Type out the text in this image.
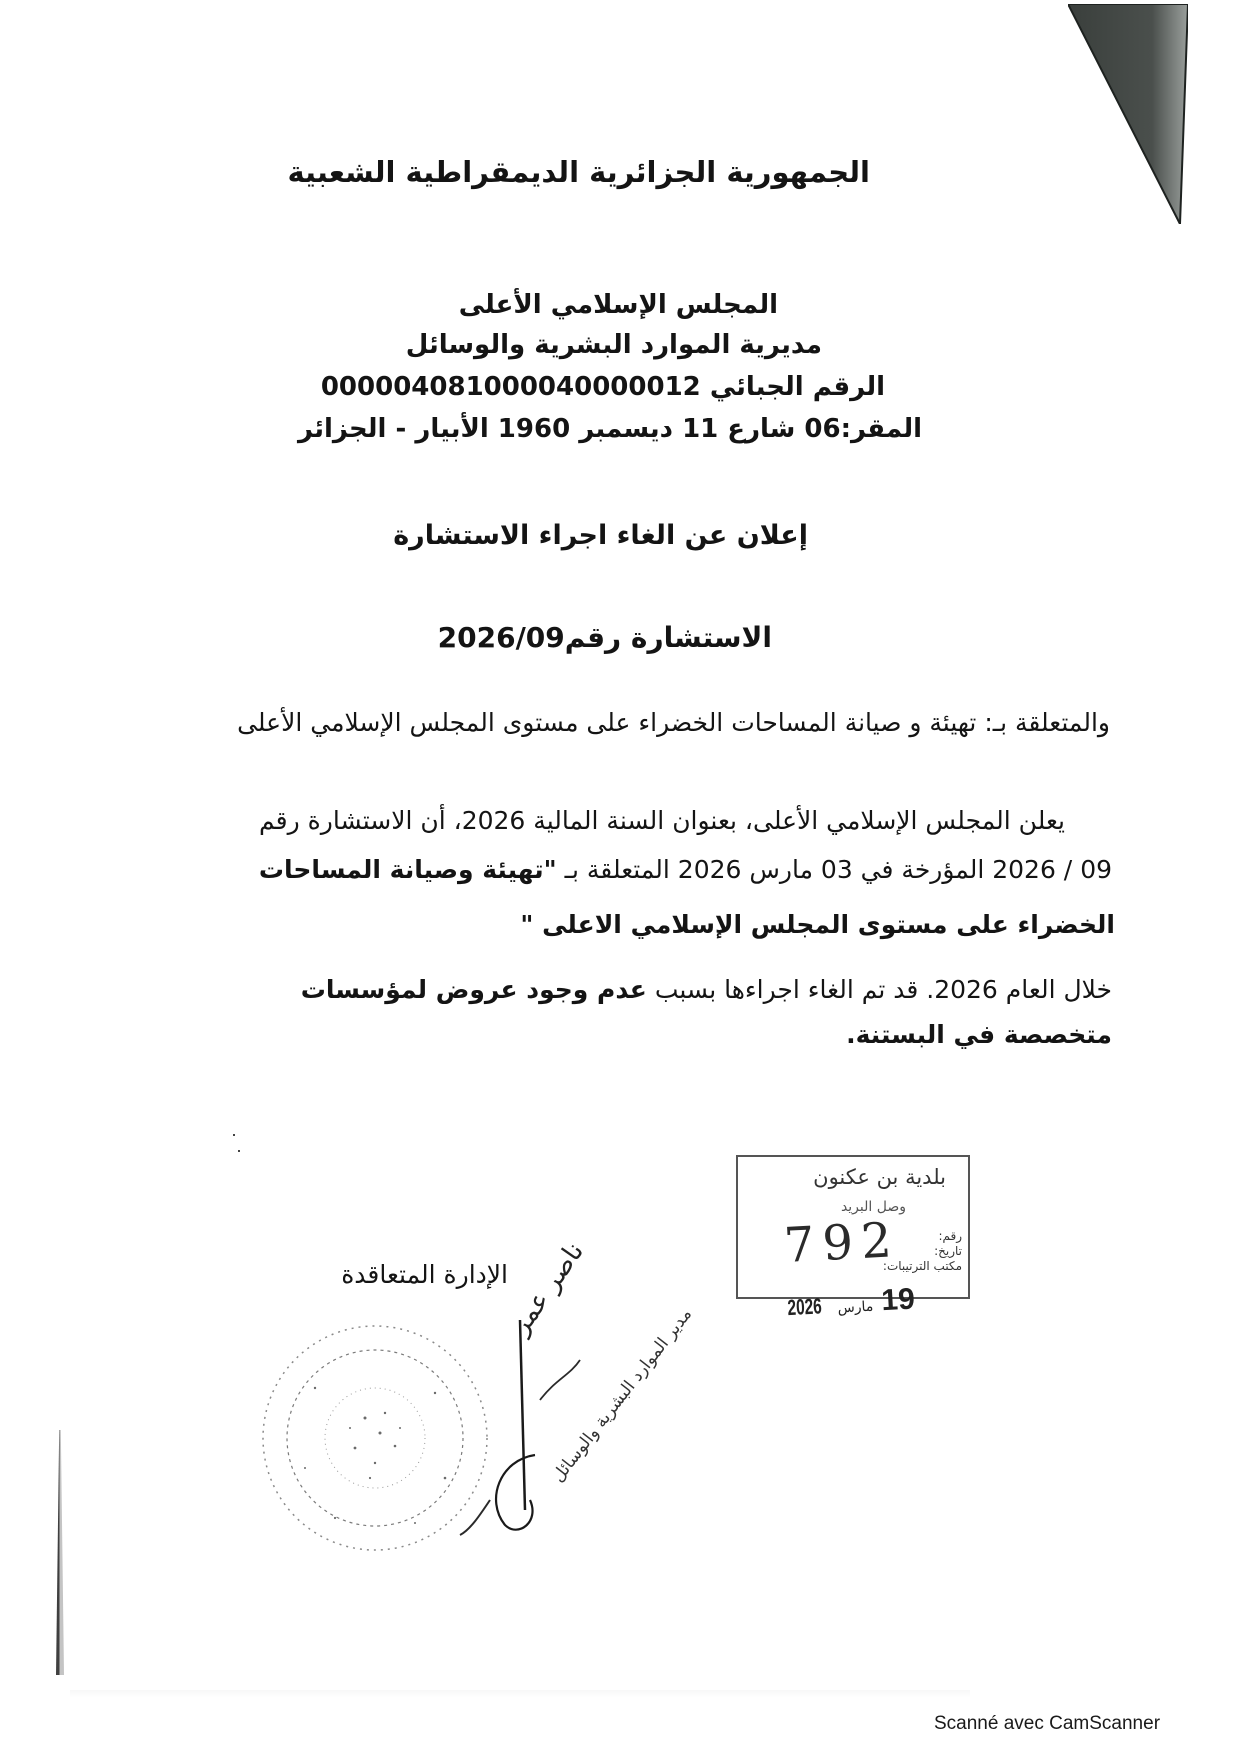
الجمهورية الجزائرية الديمقراطية الشعبية
المجلس الإسلامي الأعلى
مديرية الموارد البشرية والوسائل
الرقم الجبائي 000004081000040000012
المقر:06 شارع 11 ديسمبر 1960 الأبيار - الجزائر
إعلان عن الغاء اجراء الاستشارة
الاستشارة رقم2026/09
والمتعلقة بـ: تهيئة و صيانة المساحات الخضراء على مستوى المجلس الإسلامي الأعلى
يعلن المجلس الإسلامي الأعلى، بعنوان السنة المالية 2026، أن الاستشارة رقم
09 / 2026 المؤرخة في 03 مارس 2026 المتعلقة بـ "تهيئة وصيانة المساحات
الخضراء على مستوى المجلس الإسلامي الاعلى "
خلال العام 2026. قد تم الغاء اجراءها بسبب عدم وجود عروض لمؤسسات
متخصصة في البستنة.
بلدية بن عكنون
وصل البريد
رقم:
تاريخ:
مكتب الترتيبات:
792
19 مارس 2026
الإدارة المتعاقدة
ناصر عمر
مدير الموارد البشرية والوسائل
Scanné avec CamScanner
